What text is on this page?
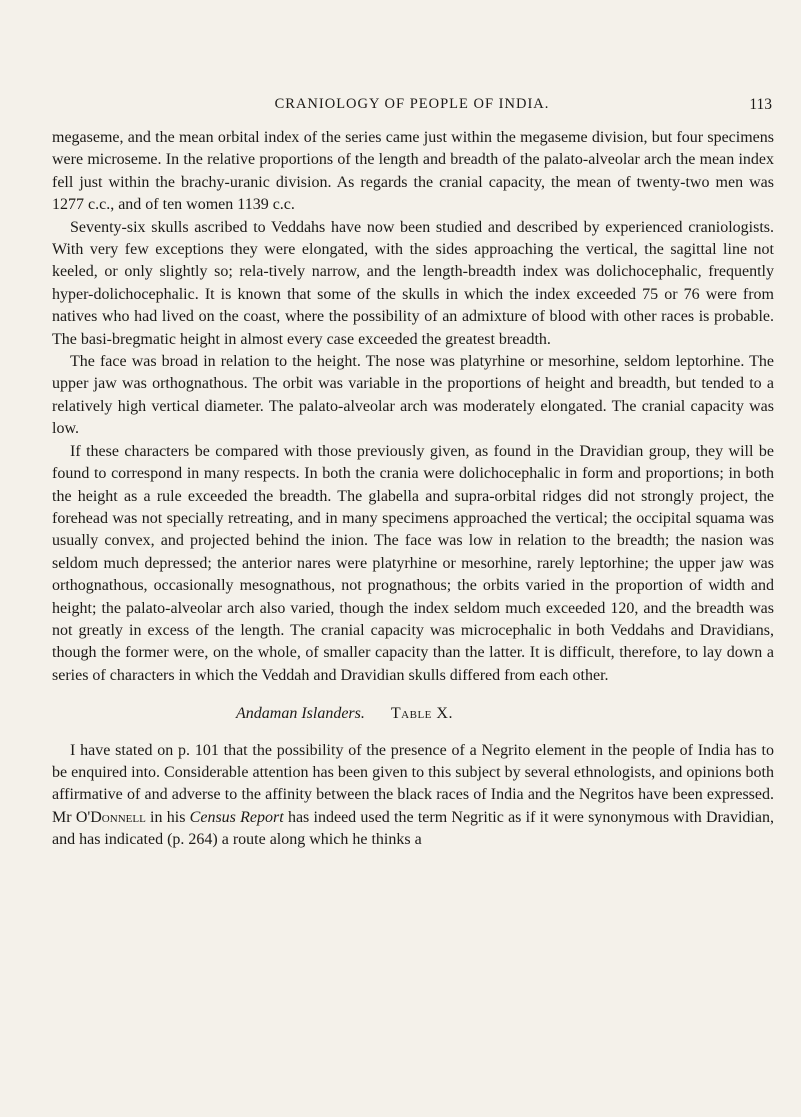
CRANIOLOGY OF PEOPLE OF INDIA.	113

megaseme, and the mean orbital index of the series came just within the megaseme division, but four specimens were microseme. In the relative proportions of the length and breadth of the palato-alveolar arch the mean index fell just within the brachy-uranic division. As regards the cranial capacity, the mean of twenty-two men was 1277 c.c., and of ten women 1139 c.c.

Seventy-six skulls ascribed to Veddahs have now been studied and described by experienced craniologists. With very few exceptions they were elongated, with the sides approaching the vertical, the sagittal line not keeled, or only slightly so; rela-tively narrow, and the length-breadth index was dolichocephalic, frequently hyper-dolichocephalic. It is known that some of the skulls in which the index exceeded 75 or 76 were from natives who had lived on the coast, where the possibility of an admixture of blood with other races is probable. The basi-bregmatic height in almost every case exceeded the greatest breadth.

The face was broad in relation to the height. The nose was platyrhine or mesorhine, seldom leptorhine. The upper jaw was orthognathous. The orbit was variable in the proportions of height and breadth, but tended to a relatively high vertical diameter. The palato-alveolar arch was moderately elongated. The cranial capacity was low.

If these characters be compared with those previously given, as found in the Dravidian group, they will be found to correspond in many respects. In both the crania were dolichocephalic in form and proportions; in both the height as a rule exceeded the breadth. The glabella and supra-orbital ridges did not strongly project, the forehead was not specially retreating, and in many specimens approached the vertical; the occipital squama was usually convex, and projected behind the inion. The face was low in relation to the breadth; the nasion was seldom much depressed; the anterior nares were platyrhine or mesorhine, rarely leptorhine; the upper jaw was orthognathous, occasionally mesognathous, not prognathous; the orbits varied in the proportion of width and height; the palato-alveolar arch also varied, though the index seldom much exceeded 120, and the breadth was not greatly in excess of the length. The cranial capacity was microcephalic in both Veddahs and Dravidians, though the former were, on the whole, of smaller capacity than the latter. It is difficult, therefore, to lay down a series of characters in which the Veddah and Dravidian skulls differed from each other.

Andaman Islanders. Table X.

I have stated on p. 101 that the possibility of the presence of a Negrito element in the people of India has to be enquired into. Considerable attention has been given to this subject by several ethnologists, and opinions both affirmative of and adverse to the affinity between the black races of India and the Negritos have been expressed. Mr O'Donnell in his Census Report has indeed used the term Negritic as if it were synonymous with Dravidian, and has indicated (p. 264) a route along which he thinks a
